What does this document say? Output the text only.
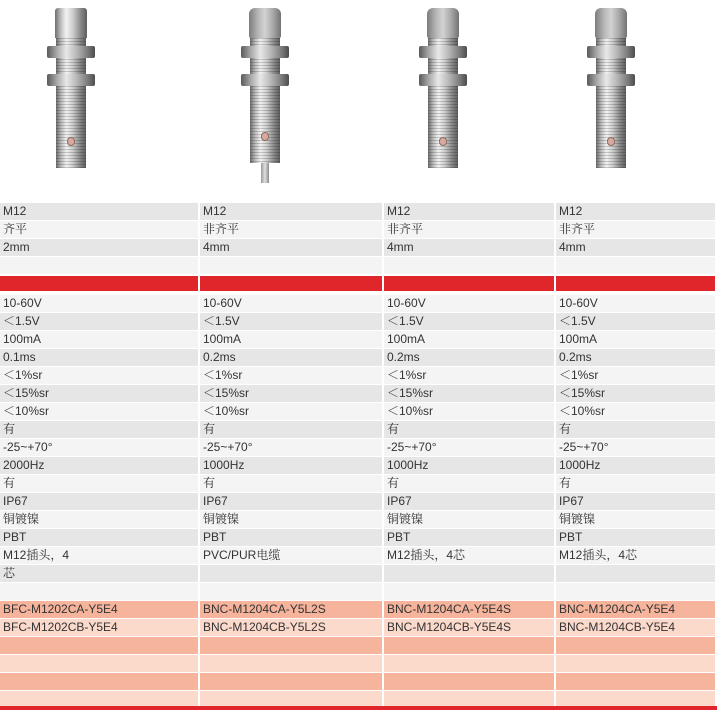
M12	M12	M12	M12
齐平	非齐平	非齐平	非齐平
2mm	4mm	4mm	4mm
10-60V	10-60V	10-60V	10-60V
＜1.5V	＜1.5V	＜1.5V	＜1.5V
100mA	100mA	100mA	100mA
0.1ms	0.2ms	0.2ms	0.2ms
＜1%sr	＜1%sr	＜1%sr	＜1%sr
＜15%sr	＜15%sr	＜15%sr	＜15%sr
＜10%sr	＜10%sr	＜10%sr	＜10%sr
有	有	有	有
-25~+70°	-25~+70°	-25~+70°	-25~+70°
2000Hz	1000Hz	1000Hz	1000Hz
有	有	有	有
IP67	IP67	IP67	IP67
铜镀镍	铜镀镍	铜镀镍	铜镀镍
PBT	PBT	PBT	PBT
M12插头，4	PVC/PUR电缆	M12插头，4芯	M12插头，4芯
芯
BFC-M1202CA-Y5E4	BNC-M1204CA-Y5L2S	BNC-M1204CA-Y5E4S	BNC-M1204CA-Y5E4
BFC-M1202CB-Y5E4	BNC-M1204CB-Y5L2S	BNC-M1204CB-Y5E4S	BNC-M1204CB-Y5E4
